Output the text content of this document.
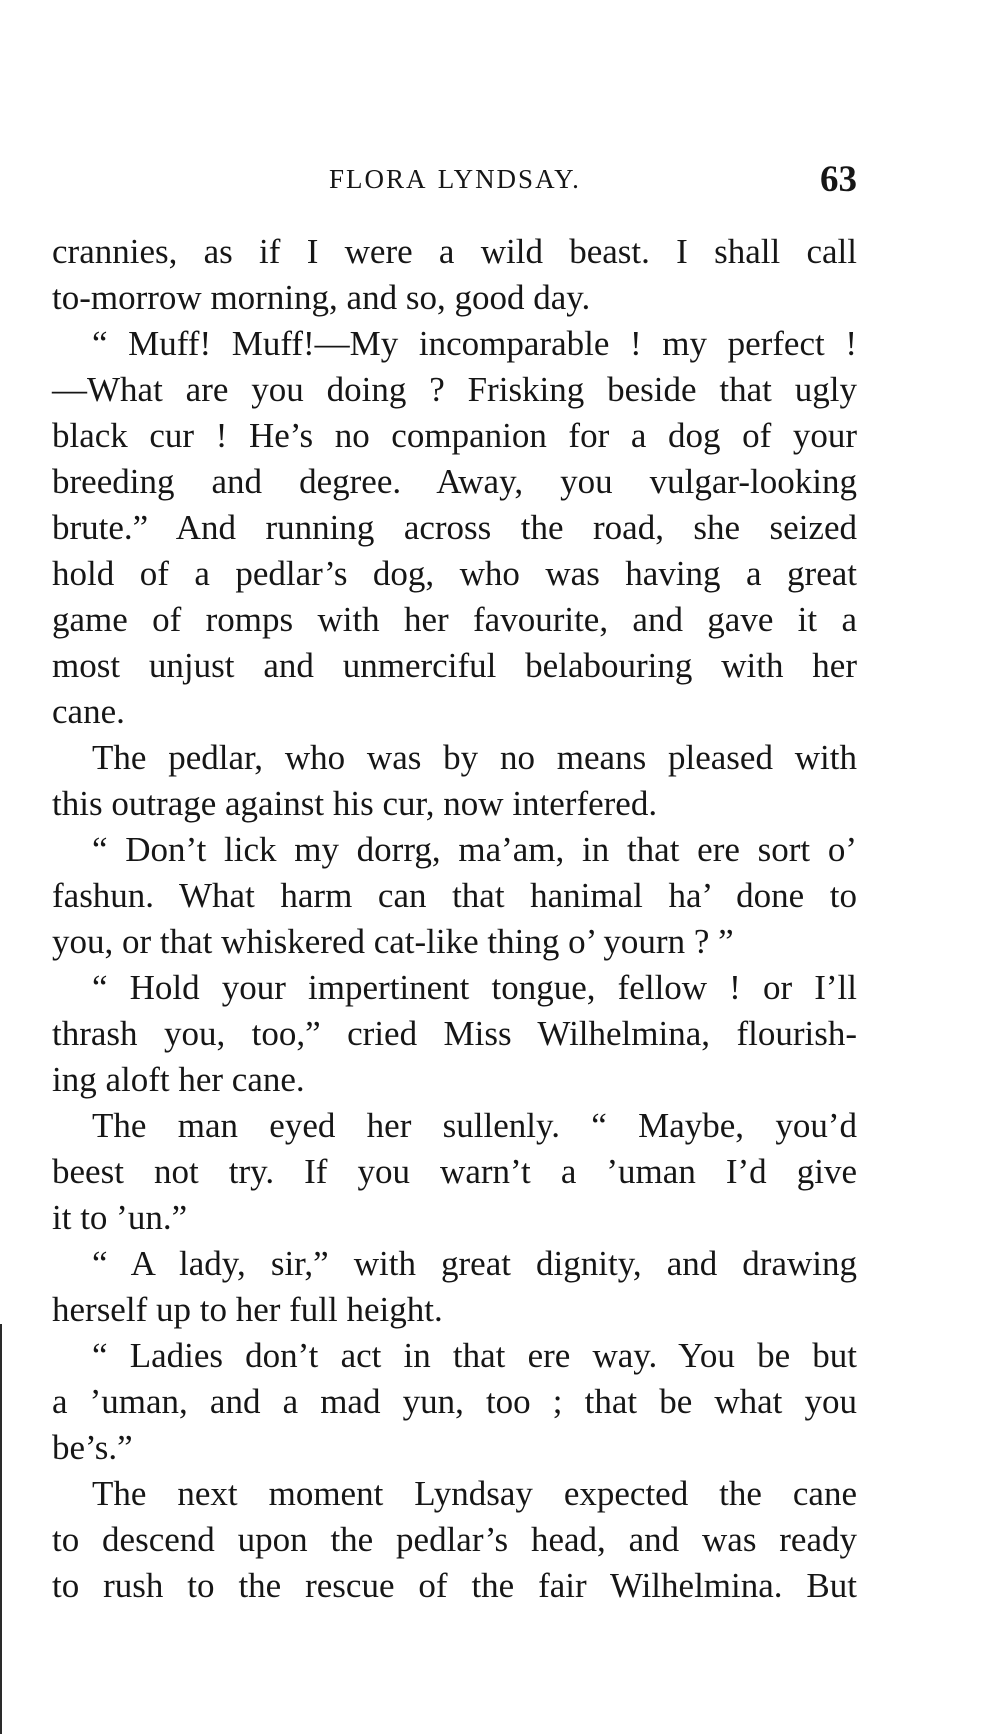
FLORA LYNDSAY.	63
crannies, as if I were a wild beast. I shall call
to-morrow morning, and so, good day.
“ Muff! Muff!—My incomparable ! my perfect !
—What are you doing ? Frisking beside that ugly
black cur ! He’s no companion for a dog of your
breeding and degree. Away, you vulgar-looking
brute.” And running across the road, she seized
hold of a pedlar’s dog, who was having a great
game of romps with her favourite, and gave it a
most unjust and unmerciful belabouring with her
cane.
The pedlar, who was by no means pleased with
this outrage against his cur, now interfered.
“ Don’t lick my dorrg, ma’am, in that ere sort o’
fashun. What harm can that hanimal ha’ done to
you, or that whiskered cat-like thing o’ yourn ? ”
“ Hold your impertinent tongue, fellow ! or I’ll
thrash you, too,” cried Miss Wilhelmina, flourish-
ing aloft her cane.
The man eyed her sullenly. “ Maybe, you’d
beest not try. If you warn’t a ’uman I’d give
it to ’un.”
“ A lady, sir,” with great dignity, and drawing
herself up to her full height.
“ Ladies don’t act in that ere way. You be but
a ’uman, and a mad yun, too ; that be what you
be’s.”
The next moment Lyndsay expected the cane
to descend upon the pedlar’s head, and was ready
to rush to the rescue of the fair Wilhelmina. But
